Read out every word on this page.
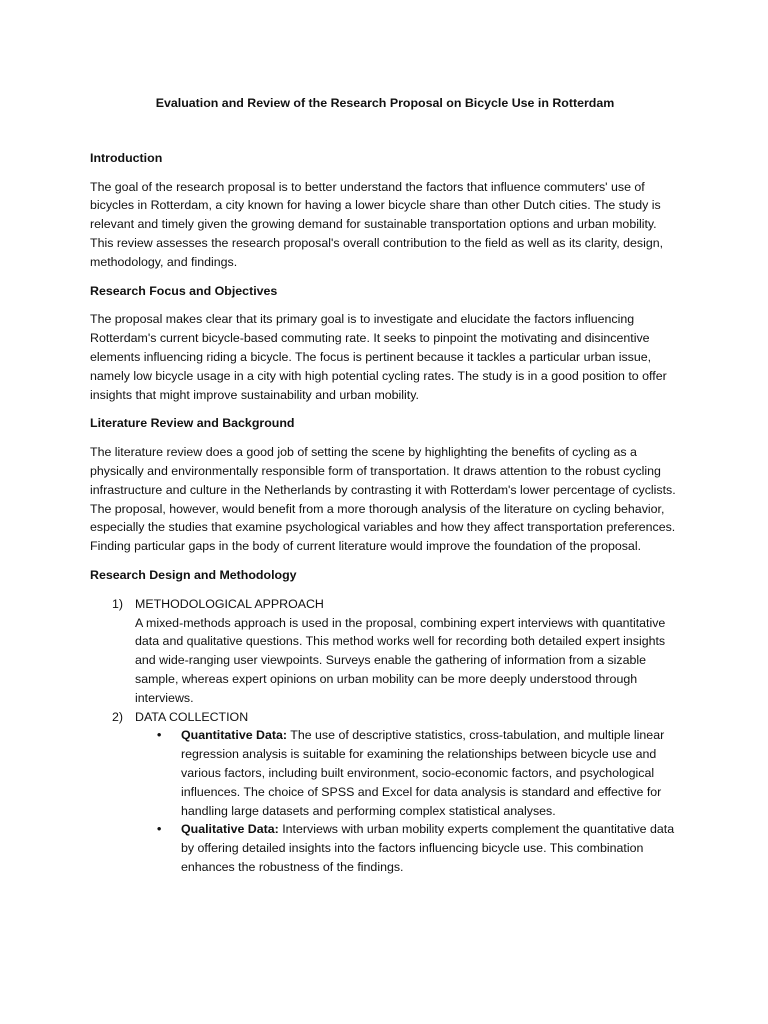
Evaluation and Review of the Research Proposal on Bicycle Use in Rotterdam
Introduction
The goal of the research proposal is to better understand the factors that influence commuters' use of bicycles in Rotterdam, a city known for having a lower bicycle share than other Dutch cities. The study is relevant and timely given the growing demand for sustainable transportation options and urban mobility. This review assesses the research proposal's overall contribution to the field as well as its clarity, design, methodology, and findings.
Research Focus and Objectives
The proposal makes clear that its primary goal is to investigate and elucidate the factors influencing Rotterdam's current bicycle-based commuting rate. It seeks to pinpoint the motivating and disincentive elements influencing riding a bicycle. The focus is pertinent because it tackles a particular urban issue, namely low bicycle usage in a city with high potential cycling rates. The study is in a good position to offer insights that might improve sustainability and urban mobility.
Literature Review and Background
The literature review does a good job of setting the scene by highlighting the benefits of cycling as a physically and environmentally responsible form of transportation. It draws attention to the robust cycling infrastructure and culture in the Netherlands by contrasting it with Rotterdam's lower percentage of cyclists. The proposal, however, would benefit from a more thorough analysis of the literature on cycling behavior, especially the studies that examine psychological variables and how they affect transportation preferences. Finding particular gaps in the body of current literature would improve the foundation of the proposal.
Research Design and Methodology
1) METHODOLOGICAL APPROACH
A mixed-methods approach is used in the proposal, combining expert interviews with quantitative data and qualitative questions. This method works well for recording both detailed expert insights and wide-ranging user viewpoints. Surveys enable the gathering of information from a sizable sample, whereas expert opinions on urban mobility can be more deeply understood through interviews.
2) DATA COLLECTION
• Quantitative Data: The use of descriptive statistics, cross-tabulation, and multiple linear regression analysis is suitable for examining the relationships between bicycle use and various factors, including built environment, socio-economic factors, and psychological influences. The choice of SPSS and Excel for data analysis is standard and effective for handling large datasets and performing complex statistical analyses.
• Qualitative Data: Interviews with urban mobility experts complement the quantitative data by offering detailed insights into the factors influencing bicycle use. This combination enhances the robustness of the findings.
